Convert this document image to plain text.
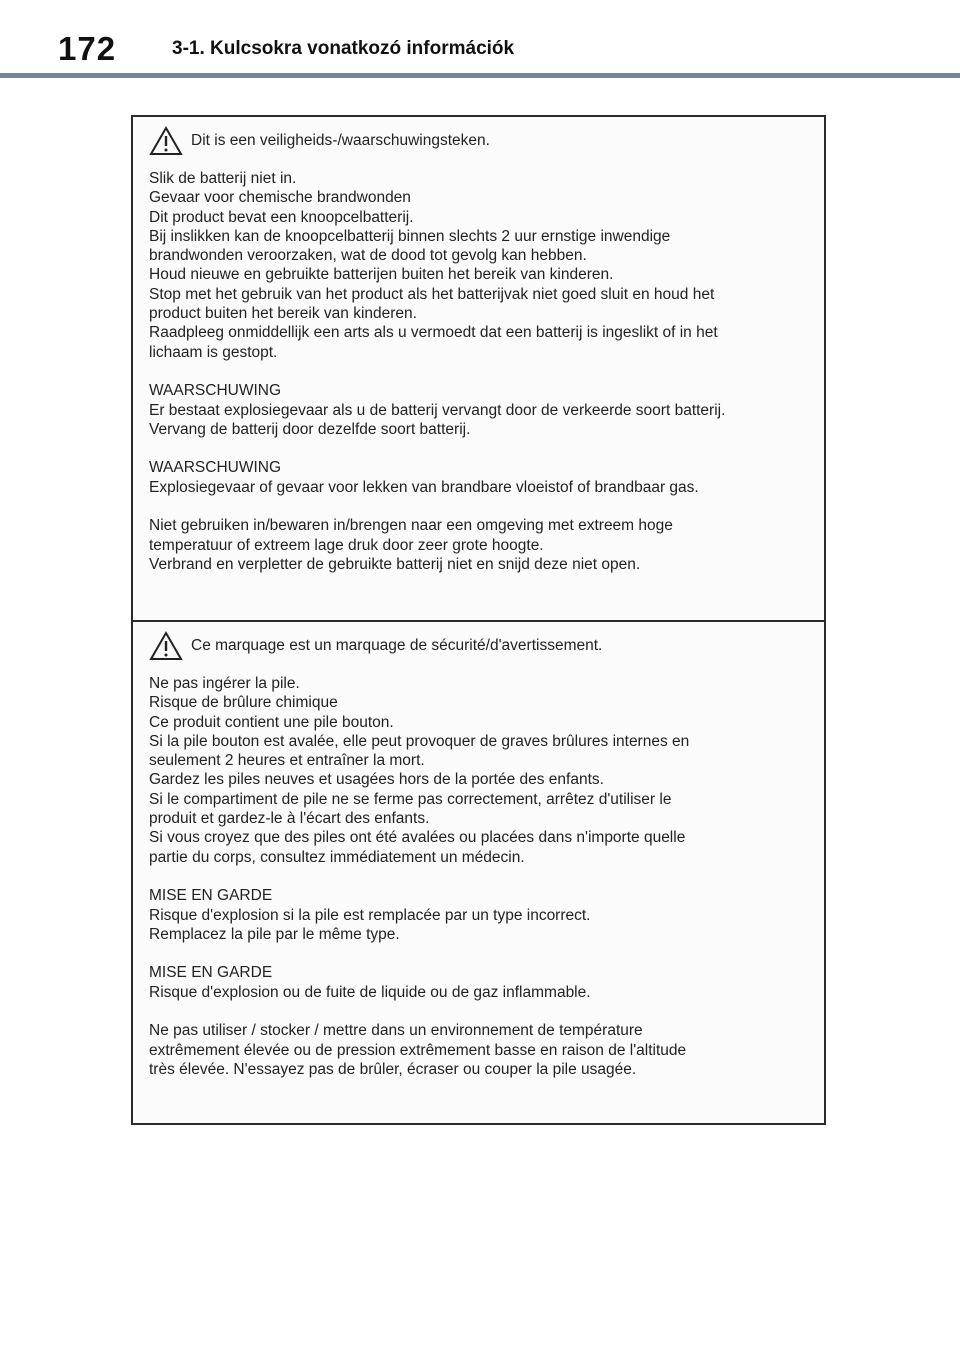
172	3-1. Kulcsokra vonatkozó információk
Dit is een veiligheids-/waarschuwingsteken.
Slik de batterij niet in.
Gevaar voor chemische brandwonden
Dit product bevat een knoopcelbatterij.
Bij inslikken kan de knoopcelbatterij binnen slechts 2 uur ernstige inwendige
brandwonden veroorzaken, wat de dood tot gevolg kan hebben.
Houd nieuwe en gebruikte batterijen buiten het bereik van kinderen.
Stop met het gebruik van het product als het batterijvak niet goed sluit en houd het
product buiten het bereik van kinderen.
Raadpleeg onmiddellijk een arts als u vermoedt dat een batterij is ingeslikt of in het
lichaam is gestopt.
WAARSCHUWING
Er bestaat explosiegevaar als u de batterij vervangt door de verkeerde soort batterij.
Vervang de batterij door dezelfde soort batterij.
WAARSCHUWING
Explosiegevaar of gevaar voor lekken van brandbare vloeistof of brandbaar gas.
Niet gebruiken in/bewaren in/brengen naar een omgeving met extreem hoge
temperatuur of extreem lage druk door zeer grote hoogte.
Verbrand en verpletter de gebruikte batterij niet en snijd deze niet open.
Ce marquage est un marquage de sécurité/d'avertissement.
Ne pas ingérer la pile.
Risque de brûlure chimique
Ce produit contient une pile bouton.
Si la pile bouton est avalée, elle peut provoquer de graves brûlures internes en
seulement 2 heures et entraîner la mort.
Gardez les piles neuves et usagées hors de la portée des enfants.
Si le compartiment de pile ne se ferme pas correctement, arrêtez d'utiliser le
produit et gardez-le à l'écart des enfants.
Si vous croyez que des piles ont été avalées ou placées dans n'importe quelle
partie du corps, consultez immédiatement un médecin.
MISE EN GARDE
Risque d'explosion si la pile est remplacée par un type incorrect.
Remplacez la pile par le même type.
MISE EN GARDE
Risque d'explosion ou de fuite de liquide ou de gaz inflammable.
Ne pas utiliser / stocker / mettre dans un environnement de température
extrêmement élevée ou de pression extrêmement basse en raison de l'altitude
très élevée. N'essayez pas de brûler, écraser ou couper la pile usagée.
